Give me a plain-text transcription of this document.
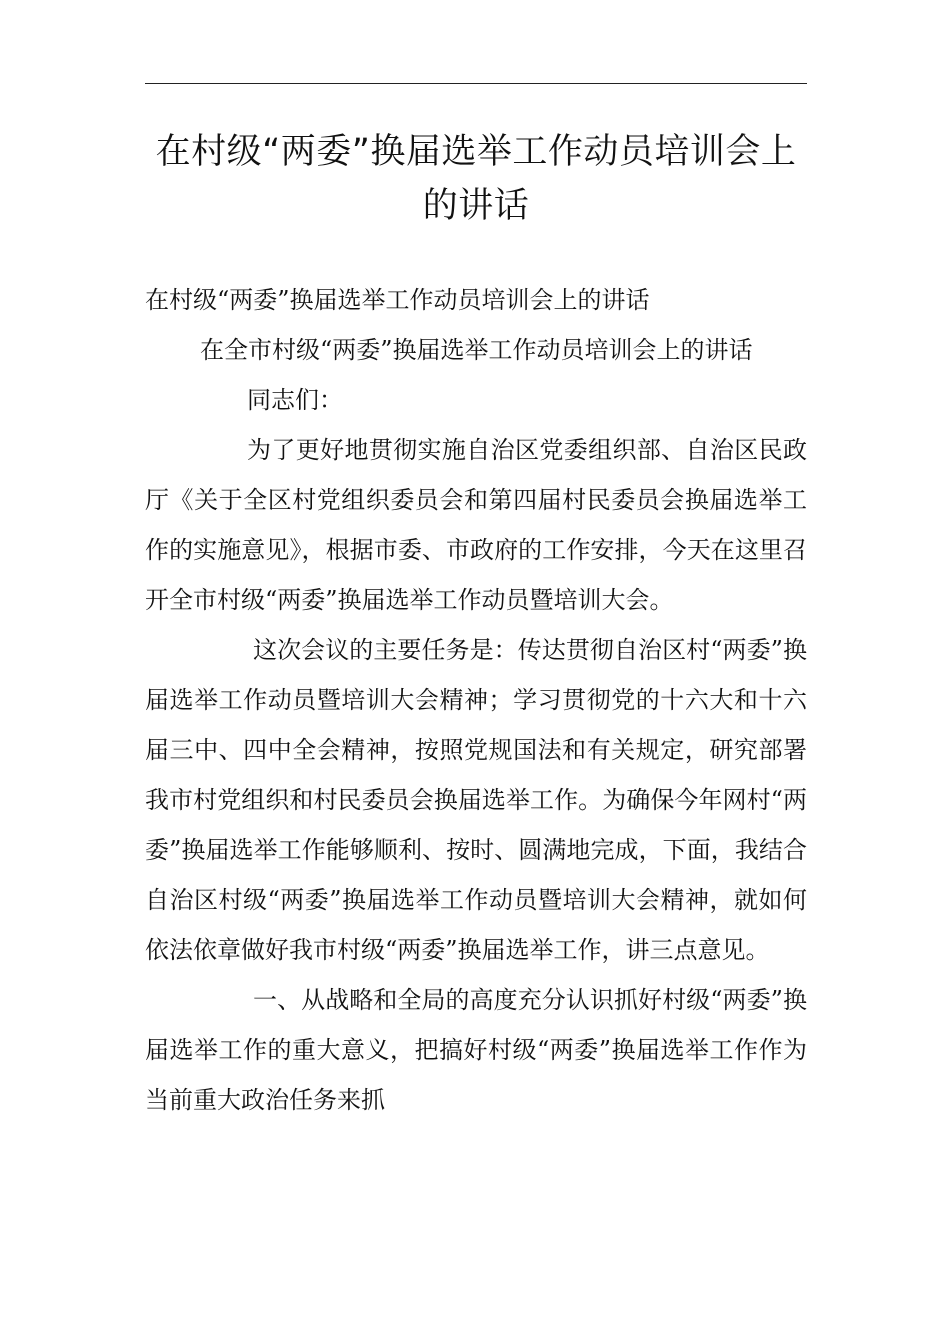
在村级“两委”换届选举工作动员培训会上的讲话

在村级“两委”换届选举工作动员培训会上的讲话

在全市村级“两委”换届选举工作动员培训会上的讲话

同志们：

为了更好地贯彻实施自治区党委组织部、自治区民政厅《关于全区村党组织委员会和第四届村民委员会换届选举工作的实施意见》，根据市委、市政府的工作安排，今天在这里召开全市村级“两委”换届选举工作动员暨培训大会。

这次会议的主要任务是：传达贯彻自治区村“两委”换届选举工作动员暨培训大会精神；学习贯彻党的十六大和十六届三中、四中全会精神，按照党规国法和有关规定，研究部署我市村党组织和村民委员会换届选举工作。为确保今年网村“两委”换届选举工作能够顺利、按时、圆满地完成，下面，我结合自治区村级“两委”换届选举工作动员暨培训大会精神，就如何依法依章做好我市村级“两委”换届选举工作，讲三点意见。

一、从战略和全局的高度充分认识抓好村级“两委”换届选举工作的重大意义，把搞好村级“两委”换届选举工作作为当前重大政治任务来抓
